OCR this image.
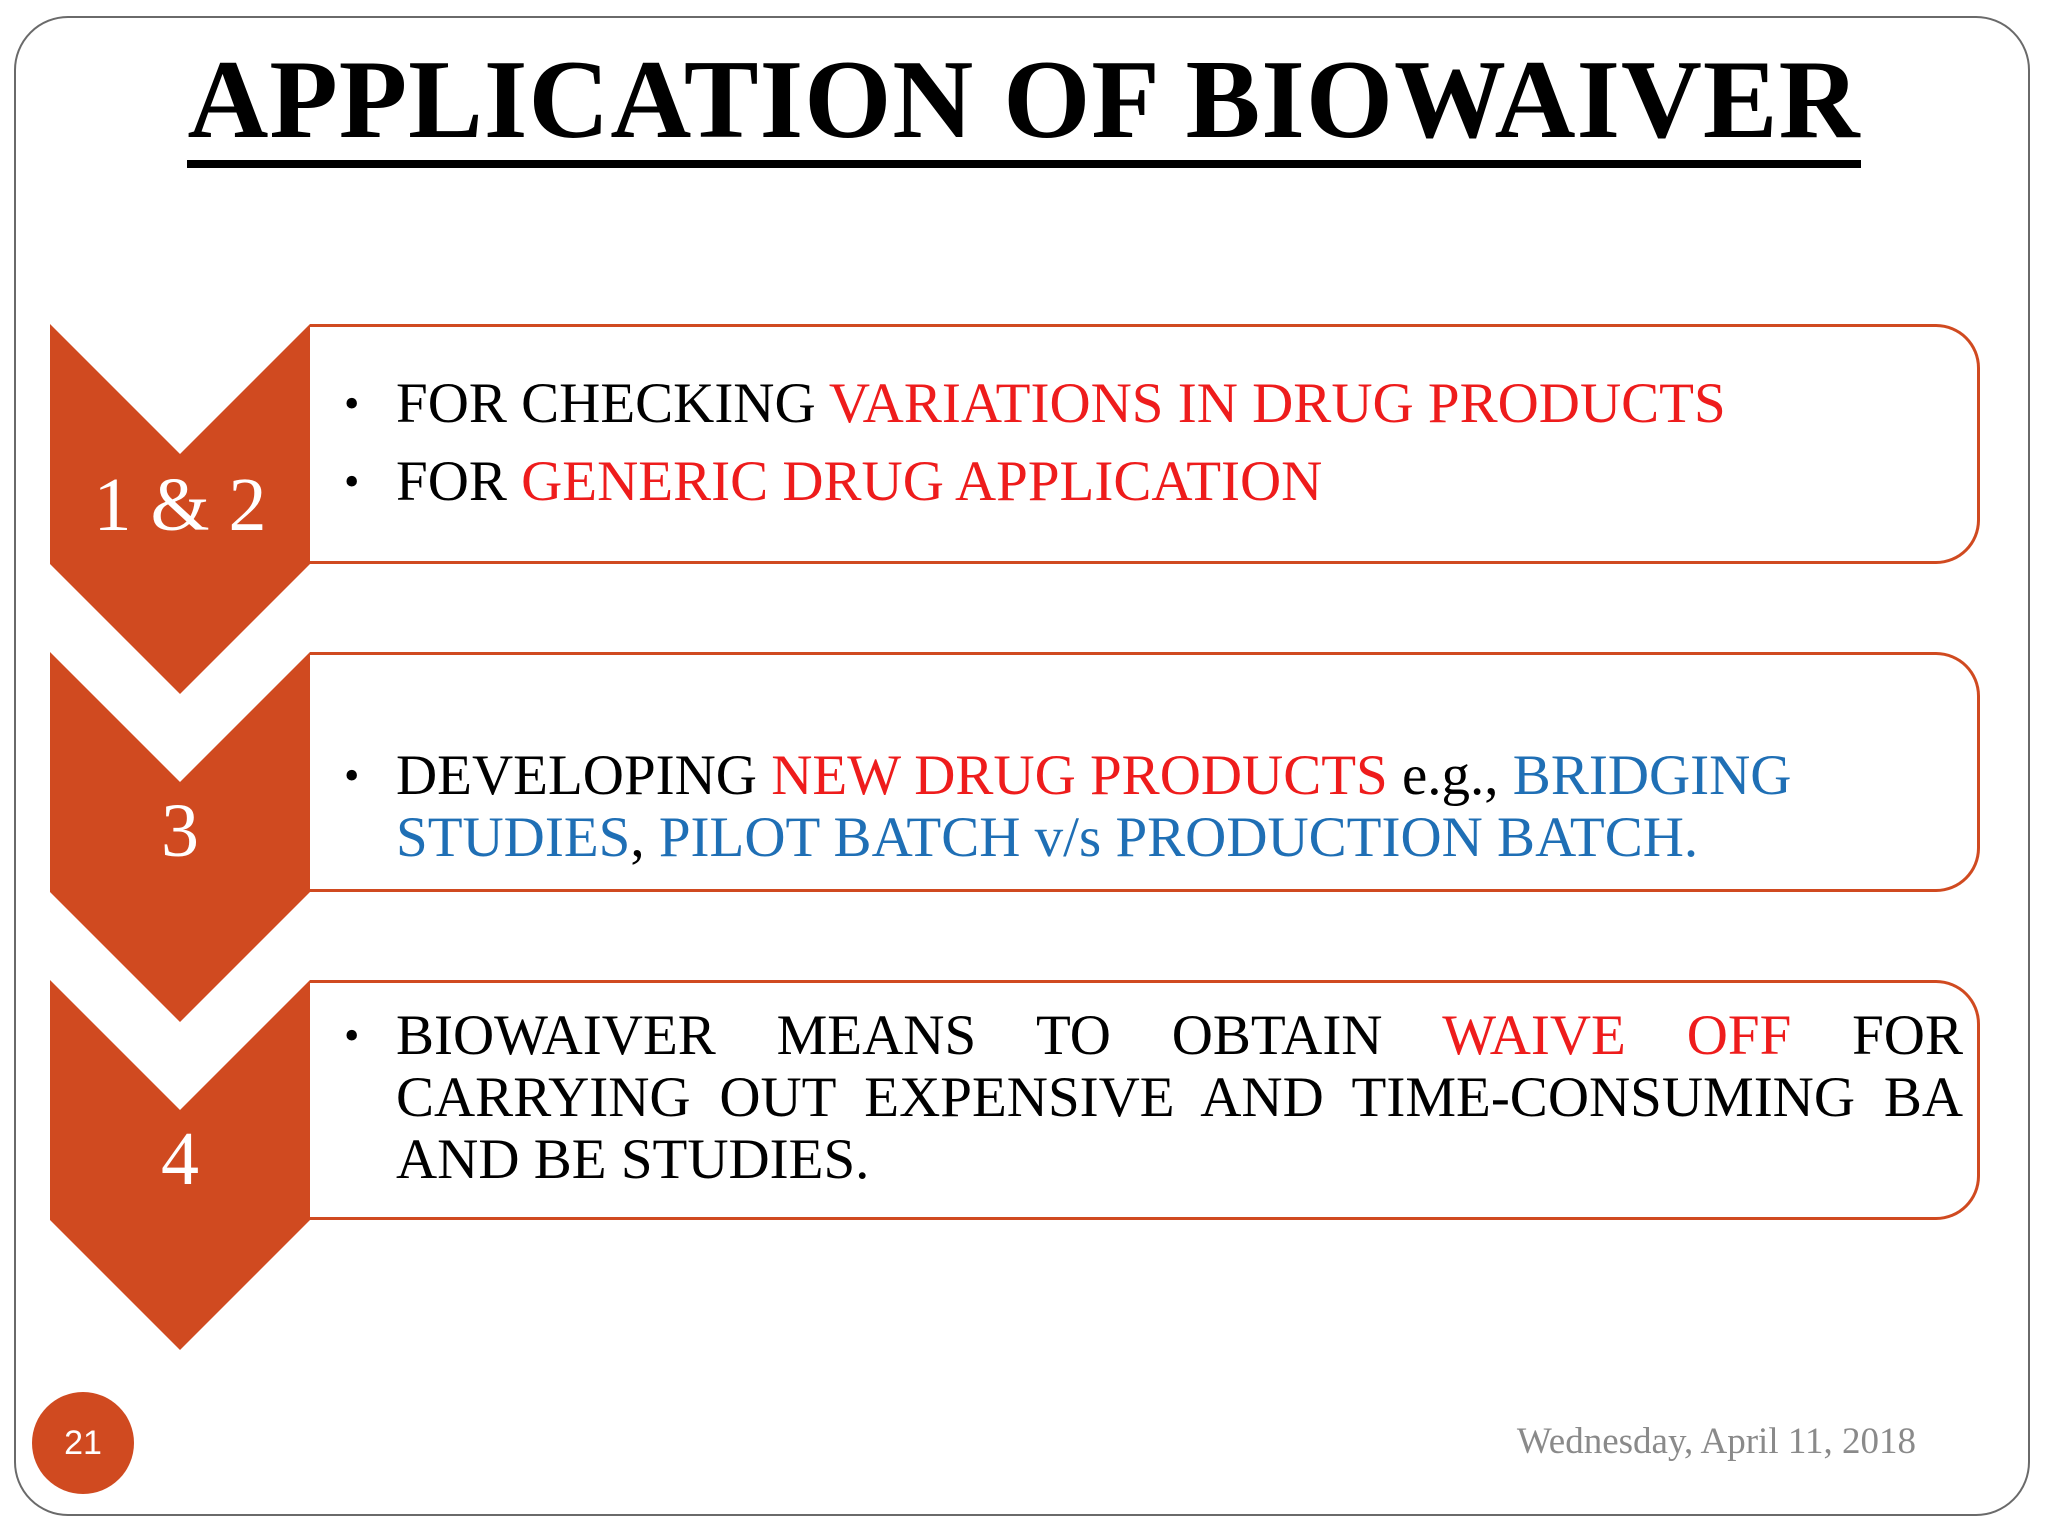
APPLICATION OF BIOWAIVER
1 & 2
3
4
• FOR CHECKING VARIATIONS IN DRUG PRODUCTS
• FOR GENERIC DRUG APPLICATION
• DEVELOPING NEW DRUG PRODUCTS e.g., BRIDGING STUDIES, PILOT BATCH v/s PRODUCTION BATCH.
• BIOWAIVER MEANS TO OBTAIN WAIVE OFF FOR CARRYING OUT EXPENSIVE AND TIME-CONSUMING BA AND BE STUDIES.
21	Wednesday, April 11, 2018
